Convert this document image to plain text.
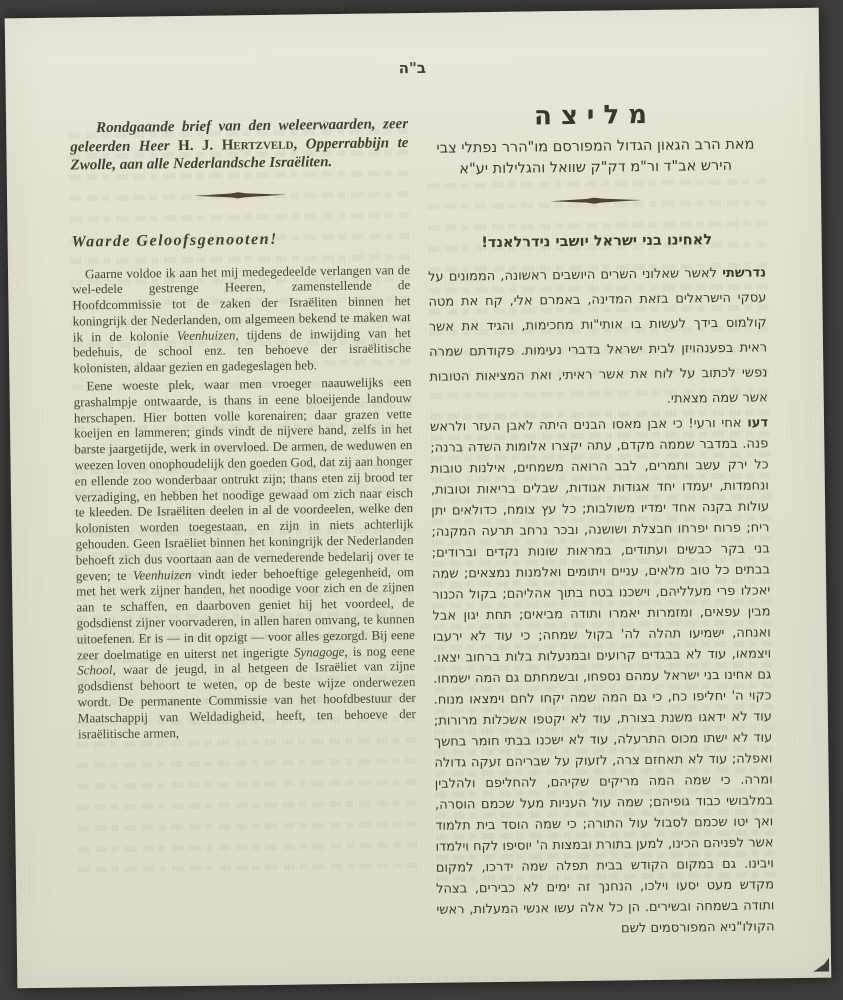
ב"ה

Rondgaande brief van den weleerwaarden, zeer geleerden Heer H. J. Hertzveld, Opperrabbijn te Zwolle, aan alle Nederlandsche Israëliten.

Waarde Geloofsgenooten!

Gaarne voldoe ik aan het mij medegedeelde verlangen van de wel-edele gestrenge Heeren, zamenstellende de Hoofdcommissie tot de zaken der Israëliten binnen het koningrijk der Nederlanden, om algemeen bekend te maken wat ik in de kolonie Veenhuizen, tijdens de inwijding van het bedehuis, de school enz. ten behoeve der israëlitische kolonisten, aldaar gezien en gadegeslagen heb.

Eene woeste plek, waar men vroeger naauwelijks een grashalmpje ontwaarde, is thans in eene bloeijende landouw herschapen. Hier botten volle korenairen; daar grazen vette koeijen en lammeren; ginds vindt de nijvere hand, zelfs in het barste jaargetijde, werk in overvloed. De armen, de weduwen en weezen loven onophoudelijk den goeden God, dat zij aan honger en ellende zoo wonderbaar ontrukt zijn; thans eten zij brood ter verzadiging, en hebben het noodige gewaad om zich naar eisch te kleeden. De Israëliten deelen in al de voordeelen, welke den kolonisten worden toegestaan, en zijn in niets achterlijk gehouden. Geen Israëliet binnen het koningrijk der Nederlanden behoeft zich dus voortaan aan de vernederende bedelarij over te geven; te Veenhuizen vindt ieder behoeftige gelegenheid, om met het werk zijner handen, het noodige voor zich en de zijnen aan te schaffen, en daarboven geniet hij het voordeel, de godsdienst zijner voorvaderen, in allen haren omvang, te kunnen uitoefenen. Er is — in dit opzigt — voor alles gezorgd. Bij eene zeer doelmatige en uiterst net ingerigte Synagoge, is nog eene School, waar de jeugd, in al hetgeen de Israëliet van zijne godsdienst behoort te weten, op de beste wijze onderwezen wordt. De permanente Commissie van het hoofdbestuur der Maatschappij van Weldadigheid, heeft, ten behoeve der israëlitische armen,

מליצה

מאת הרב הגאון הגדול המפורסם מו"הרר נפתלי צבי
הירש אב"ד ור"מ דק"ק שוואל והגלילות יע"א

לאחינו בני ישראל יושבי נידרלאנד!

נדרשתי לאשר שאלוני השרים היושבים ראשונה, הממונים על עסקי הישראלים בזאת המדינה, באמרם אלי, קח את מטה קולמוס בידך לעשות בו אותי"ות מחכימות, והגיד את אשר ראית בפענהויזן לבית ישראל בדברי נעימות. פקודתם שמרה נפשי לכתוב על לוח את אשר ראיתי, ואת המציאות הטובות אשר שמה מצאתי.

דעו אחי ורעי! כי אבן מאסו הבנים היתה לאבן העזר ולראש פנה. במדבר שממה מקדם, עתה יקצרו אלומות השדה ברנה; כל ירק עשב ותמרים, לבב הרואה משמחים, אילנות טובות ונחמדות, יעמדו יחד אגודות אגודות, שבלים בריאות וטובות, עולות בקנה אחד ימדיו משולבות; כל עץ צומח, כדולאים יתן ריח; פרוח יפרחו חבצלת ושושנה, ובכר נרחב תרעה המקנה; בני בקר כבשים ועתודים, במראות שונות נקדים וברודים; בבתים כל טוב מלאים, עניים ויתומים ואלמנות נמצאים; שמה יאכלו פרי מעלליהם, וישכנו בטח בתוך אהליהם; בקול הכנור מבין עפאים, ומזמרות יאמרו ותודה מביאים; תחת יגון אבל ואנחה, ישמיעו תהלה לה' בקול שמחה; כי עוד לא ירעבו ויצמאו, עוד לא בבגדים קרועים ובמנעלות בלות ברחוב יצאו. גם אחינו בני ישראל עמהם נספחו, ובשמחתם גם המה ישמחו. כקוי ה' יחליפו כח, כי גם המה שמה יקחו לחם וימצאו מנוח. עוד לא ידאגו משנת בצורת, עוד לא יקטפו אשכלות מרורות; עוד לא ישתו מכוס התרעלה, עוד לא ישכנו בבתי חומר בחשך ואפלה; עוד לא תאחזם צרה, לזעוק על שבריהם זעקה גדולה ומרה. כי שמה המה מריקים שקיהם, להחליפם ולהלבין במלבושי כבוד גופיהם; שמה עול העניות מעל שכמם הוסרה, ואך יטו שכמם לסבול עול התורה; כי שמה הוסד בית תלמוד אשר לפניהם הכינו, למען בתורת ובמצות ה' יוסיפו לקח וילמדו ויבינו. גם במקום הקודש בבית תפלה שמה ידרכו, למקום מקדש מעט יסעו וילכו, הנחנך זה ימים לא כבירים, בצהל ותודה בשמחה ובשירים. הן כל אלה עשו אנשי המעלות, ראשי הקולו"ניא המפורסמים לשם
